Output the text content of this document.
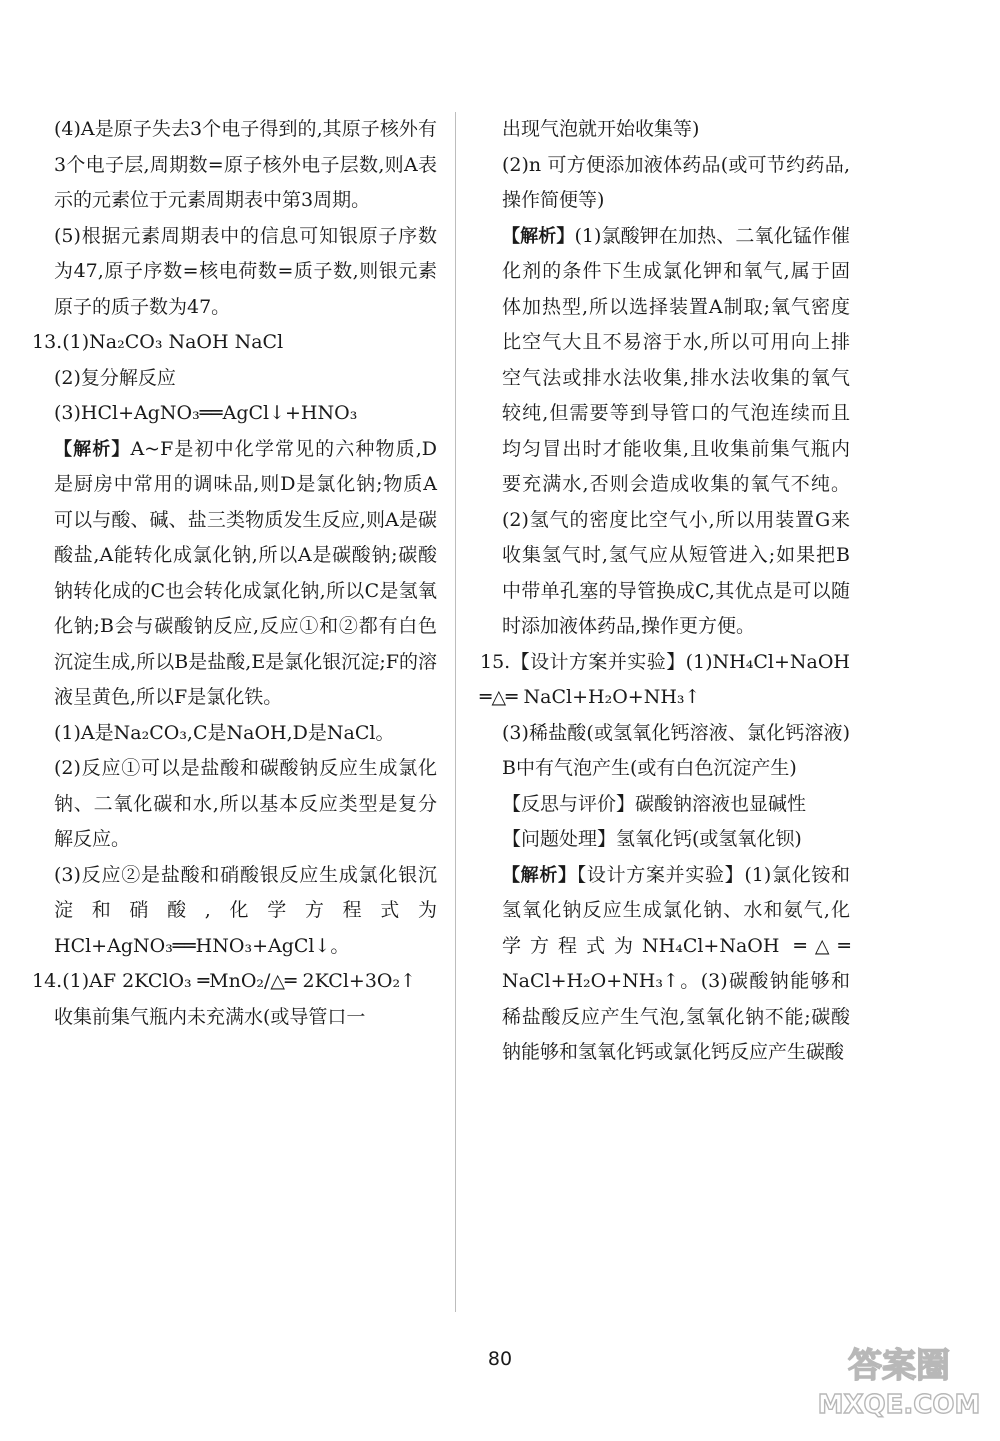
(4)A是原子失去3个电子得到的,其原子核外有3个电子层,周期数=原子核外电子层数,则A表示的元素位于元素周期表中第3周期。

(5)根据元素周期表中的信息可知银原子序数为47,原子序数=核电荷数=质子数,则银元素原子的质子数为47。

13.(1)Na₂CO₃ NaOH NaCl

(2)复分解反应

(3)HCl+AgNO₃══AgCl↓+HNO₃

【解析】A~F是初中化学常见的六种物质,D是厨房中常用的调味品,则D是氯化钠;物质A可以与酸、碱、盐三类物质发生反应,则A是碳酸盐,A能转化成氯化钠,所以A是碳酸钠;碳酸钠转化成的C也会转化成氯化钠,所以C是氢氧化钠;B会与碳酸钠反应,反应①和②都有白色沉淀生成,所以B是盐酸,E是氯化银沉淀;F的溶液呈黄色,所以F是氯化铁。

(1)A是Na₂CO₃,C是NaOH,D是NaCl。

(2)反应①可以是盐酸和碳酸钠反应生成氯化钠、二氧化碳和水,所以基本反应类型是复分解反应。

(3)反应②是盐酸和硝酸银反应生成氯化银沉淀和硝酸,化学方程式为HCl+AgNO₃══HNO₃+AgCl↓。

14.(1)AF 2KClO₃ ═MnO₂/△═ 2KCl+3O₂↑

收集前集气瓶内未充满水(或导管口一

出现气泡就开始收集等)

(2)n 可方便添加液体药品(或可节约药品,操作简便等)

【解析】(1)氯酸钾在加热、二氧化锰作催化剂的条件下生成氯化钾和氧气,属于固体加热型,所以选择装置A制取;氧气密度比空气大且不易溶于水,所以可用向上排空气法或排水法收集,排水法收集的氧气较纯,但需要等到导管口的气泡连续而且均匀冒出时才能收集,且收集前集气瓶内要充满水,否则会造成收集的氧气不纯。(2)氢气的密度比空气小,所以用装置G来收集氢气时,氢气应从短管进入;如果把B中带单孔塞的导管换成C,其优点是可以随时添加液体药品,操作更方便。

15.【设计方案并实验】(1)NH₄Cl+NaOH ═△═ NaCl+H₂O+NH₃↑

(3)稀盐酸(或氢氧化钙溶液、氯化钙溶液) B中有气泡产生(或有白色沉淀产生)

【反思与评价】碳酸钠溶液也显碱性

【问题处理】氢氧化钙(或氢氧化钡)

【解析】【设计方案并实验】(1)氯化铵和氢氧化钠反应生成氯化钠、水和氨气,化学方程式为NH₄Cl+NaOH ═△═ NaCl+H₂O+NH₃↑。(3)碳酸钠能够和稀盐酸反应产生气泡,氢氧化钠不能;碳酸钠能够和氢氧化钙或氯化钙反应产生碳酸

80	答案圈
MXQE.COM
